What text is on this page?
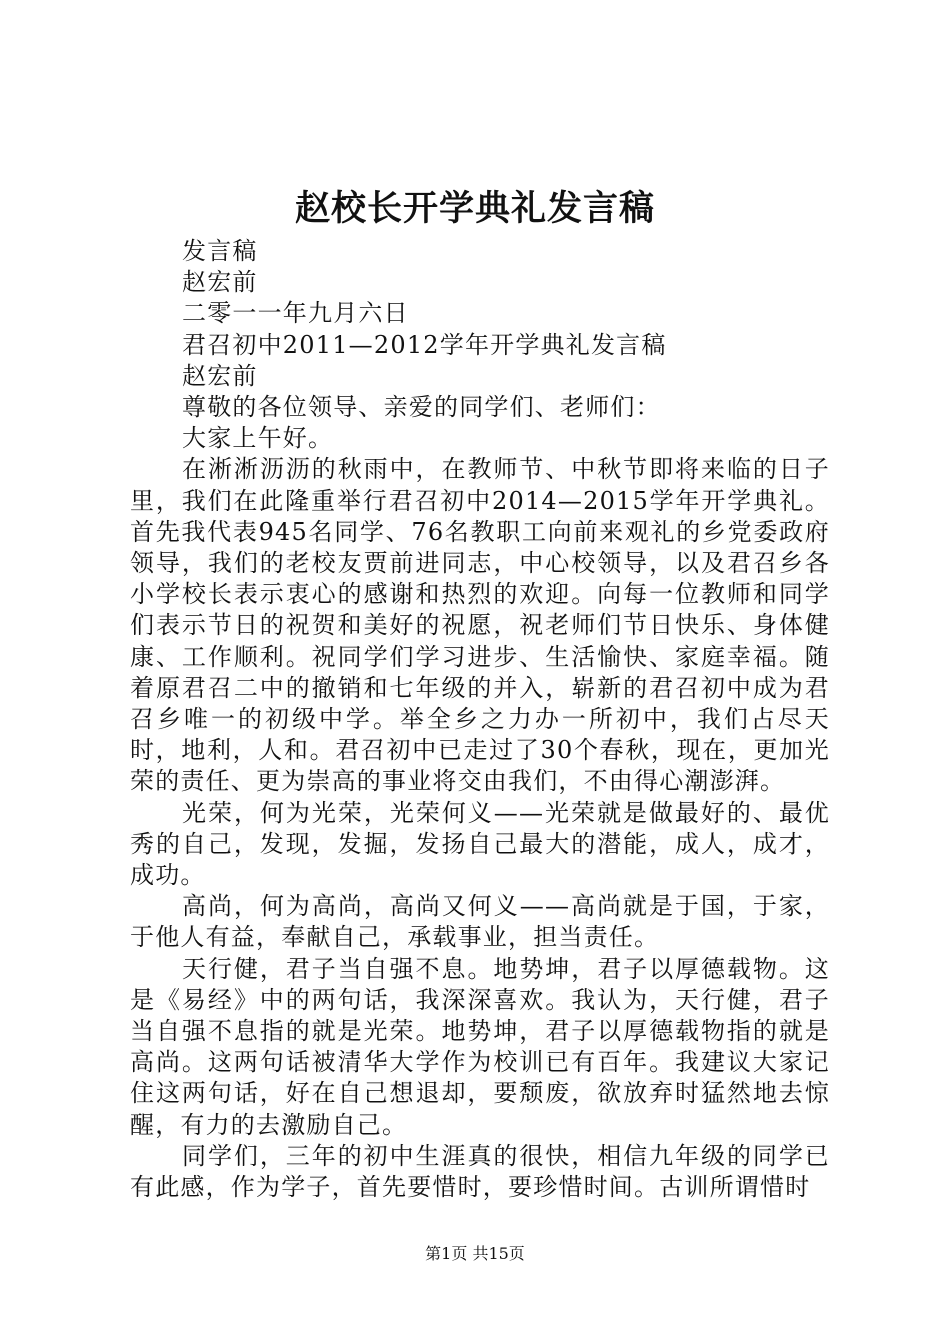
赵校长开学典礼发言稿

发言稿

赵宏前

二零一一年九月六日

君召初中2011—2012学年开学典礼发言稿

赵宏前

尊敬的各位领导、亲爱的同学们、老师们：

大家上午好。

在淅淅沥沥的秋雨中，在教师节、中秋节即将来临的日子里，我们在此隆重举行君召初中2014—2015学年开学典礼。首先我代表945名同学、76名教职工向前来观礼的乡党委政府领导，我们的老校友贾前进同志，中心校领导，以及君召乡各小学校长表示衷心的感谢和热烈的欢迎。向每一位教师和同学们表示节日的祝贺和美好的祝愿，祝老师们节日快乐、身体健康、工作顺利。祝同学们学习进步、生活愉快、家庭幸福。随着原君召二中的撤销和七年级的并入，崭新的君召初中成为君召乡唯一的初级中学。举全乡之力办一所初中，我们占尽天时，地利，人和。君召初中已走过了30个春秋，现在，更加光荣的责任、更为崇高的事业将交由我们，不由得心潮澎湃。

光荣，何为光荣，光荣何义——光荣就是做最好的、最优秀的自己，发现，发掘，发扬自己最大的潜能，成人，成才，成功。

高尚，何为高尚，高尚又何义——高尚就是于国，于家，于他人有益，奉献自己，承载事业，担当责任。

天行健，君子当自强不息。地势坤，君子以厚德载物。这是《易经》中的两句话，我深深喜欢。我认为，天行健，君子当自强不息指的就是光荣。地势坤，君子以厚德载物指的就是高尚。这两句话被清华大学作为校训已有百年。我建议大家记住这两句话，好在自己想退却，要颓废，欲放弃时猛然地去惊醒，有力的去激励自己。

同学们，三年的初中生涯真的很快，相信九年级的同学已有此感，作为学子，首先要惜时，要珍惜时间。古训所谓惜时

第1页 共15页
